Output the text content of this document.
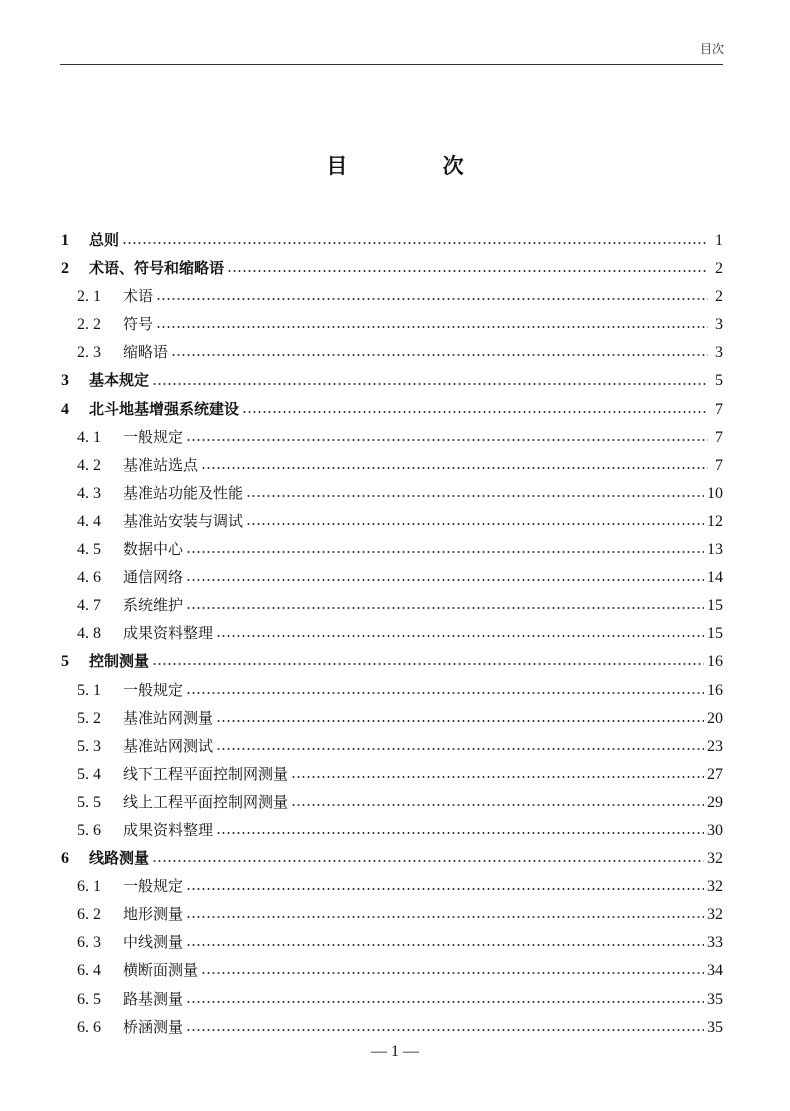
目次
目 次
1	总则	1
2	术语、符号和缩略语	2
2. 1	术语	2
2. 2	符号	3
2. 3	缩略语	3
3	基本规定	5
4	北斗地基增强系统建设	7
4. 1	一般规定	7
4. 2	基准站选点	7
4. 3	基准站功能及性能	10
4. 4	基准站安装与调试	12
4. 5	数据中心	13
4. 6	通信网络	14
4. 7	系统维护	15
4. 8	成果资料整理	15
5	控制测量	16
5. 1	一般规定	16
5. 2	基准站网测量	20
5. 3	基准站网测试	23
5. 4	线下工程平面控制网测量	27
5. 5	线上工程平面控制网测量	29
5. 6	成果资料整理	30
6	线路测量	32
6. 1	一般规定	32
6. 2	地形测量	32
6. 3	中线测量	33
6. 4	横断面测量	34
6. 5	路基测量	35
6. 6	桥涵测量	35
— 1 —
